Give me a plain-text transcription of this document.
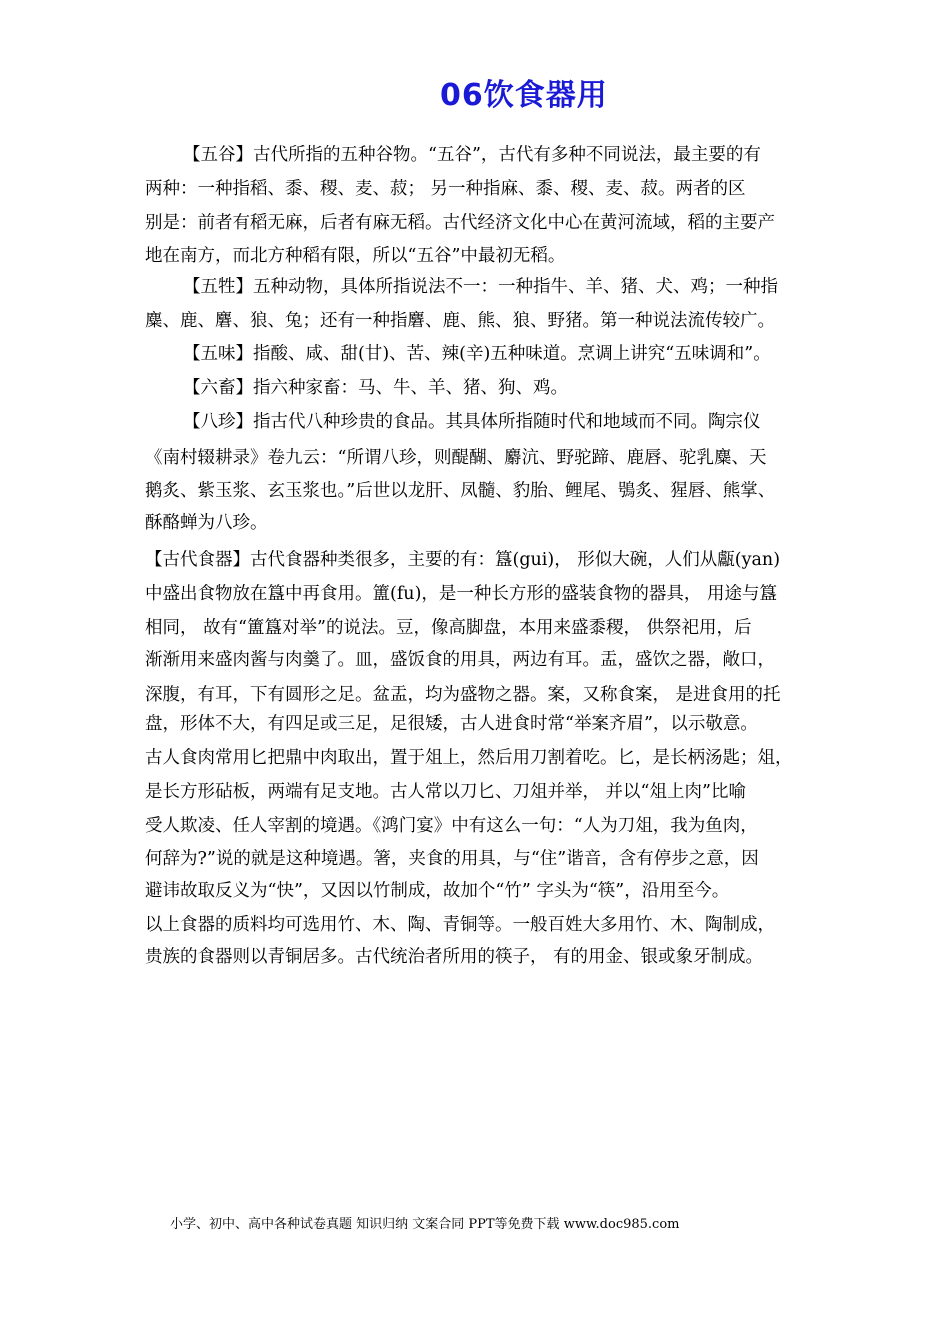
06饮食器用
【五谷】古代所指的五种谷物。“五谷”，古代有多种不同说法，最主要的有
两种：一种指稻、黍、稷、麦、菽； 另一种指麻、黍、稷、麦、菽。两者的区
别是：前者有稻无麻，后者有麻无稻。古代经济文化中心在黄河流域，稻的主要产
地在南方，而北方种稻有限，所以“五谷”中最初无稻。
【五牲】五种动物，具体所指说法不一：一种指牛、羊、猪、犬、鸡；一种指
麋、鹿、麏、狼、兔；还有一种指麏、鹿、熊、狼、野猪。第一种说法流传较广。
【五味】指酸、咸、甜(甘)、苦、辣(辛)五种味道。烹调上讲究“五味调和”。
【六畜】指六种家畜：马、牛、羊、猪、狗、鸡。
【八珍】指古代八种珍贵的食品。其具体所指随时代和地域而不同。陶宗仪
《南村辍耕录》卷九云：“所谓八珍，则醍醐、麝沆、野驼蹄、鹿唇、驼乳麋、天
鹅炙、紫玉浆、玄玉浆也。”后世以龙肝、凤髓、豹胎、鲤尾、鴞炙、猩唇、熊掌、
酥酪蝉为八珍。
【古代食器】古代食器种类很多，主要的有：簋(gui)， 形似大碗，人们从甗(yan)
中盛出食物放在簋中再食用。簠(fu)，是一种长方形的盛装食物的器具， 用途与簋
相同， 故有“簠簋对举”的说法。豆，像高脚盘，本用来盛黍稷， 供祭祀用，后
渐渐用来盛肉酱与肉羹了。皿，盛饭食的用具，两边有耳。盂，盛饮之器，敞口，
深腹，有耳，下有圆形之足。盆盂，均为盛物之器。案，又称食案， 是进食用的托
盘，形体不大，有四足或三足，足很矮，古人进食时常“举案齐眉”，以示敬意。
古人食肉常用匕把鼎中肉取出，置于俎上，然后用刀割着吃。匕，是长柄汤匙；俎，
是长方形砧板，两端有足支地。古人常以刀匕、刀俎并举， 并以“俎上肉”比喻
受人欺凌、任人宰割的境遇。《鸿门宴》中有这么一句：“人为刀俎，我为鱼肉，
何辞为?”说的就是这种境遇。箸，夹食的用具，与“住”谐音，含有停步之意，因
避讳故取反义为“快”，又因以竹制成，故加个“竹” 字头为“筷”，沿用至今。
以上食器的质料均可选用竹、木、陶、青铜等。一般百姓大多用竹、木、陶制成，
贵族的食器则以青铜居多。古代统治者所用的筷子， 有的用金、银或象牙制成。
小学、初中、高中各种试卷真题 知识归纳 文案合同 PPT等免费下载 www.doc985.com
